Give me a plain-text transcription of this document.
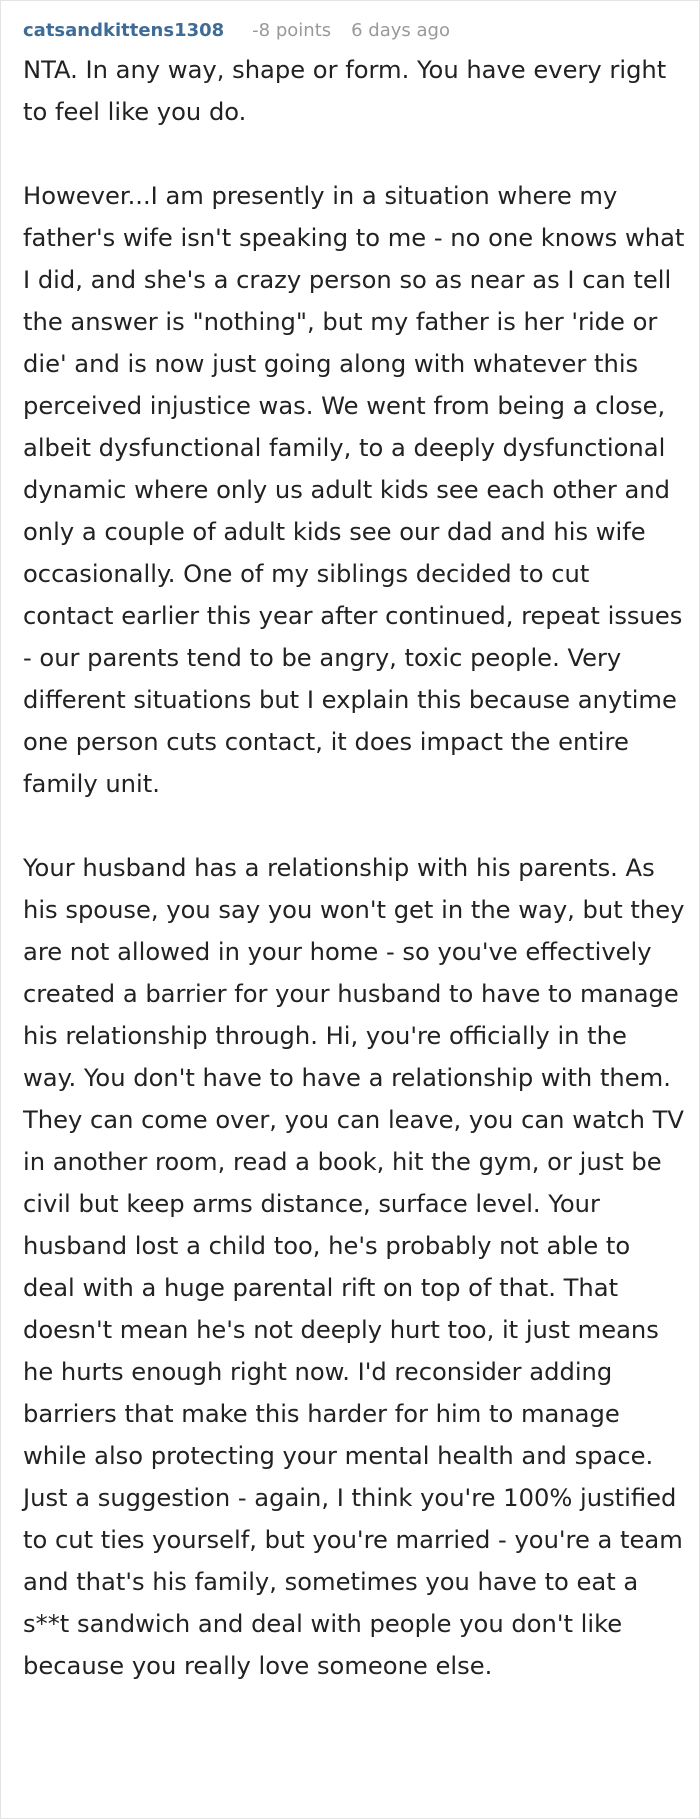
catsandkittens1308 -8 points 6 days ago

NTA. In any way, shape or form. You have every right to feel like you do.

However...I am presently in a situation where my father's wife isn't speaking to me - no one knows what I did, and she's a crazy person so as near as I can tell the answer is "nothing", but my father is her 'ride or die' and is now just going along with whatever this perceived injustice was. We went from being a close, albeit dysfunctional family, to a deeply dysfunctional dynamic where only us adult kids see each other and only a couple of adult kids see our dad and his wife occasionally. One of my siblings decided to cut contact earlier this year after continued, repeat issues - our parents tend to be angry, toxic people. Very different situations but I explain this because anytime one person cuts contact, it does impact the entire family unit.

Your husband has a relationship with his parents. As his spouse, you say you won't get in the way, but they are not allowed in your home - so you've effectively created a barrier for your husband to have to manage his relationship through. Hi, you're officially in the way. You don't have to have a relationship with them. They can come over, you can leave, you can watch TV in another room, read a book, hit the gym, or just be civil but keep arms distance, surface level. Your husband lost a child too, he's probably not able to deal with a huge parental rift on top of that. That doesn't mean he's not deeply hurt too, it just means he hurts enough right now. I'd reconsider adding barriers that make this harder for him to manage while also protecting your mental health and space. Just a suggestion - again, I think you're 100% justified to cut ties yourself, but you're married - you're a team and that's his family, sometimes you have to eat a s**t sandwich and deal with people you don't like because you really love someone else.
